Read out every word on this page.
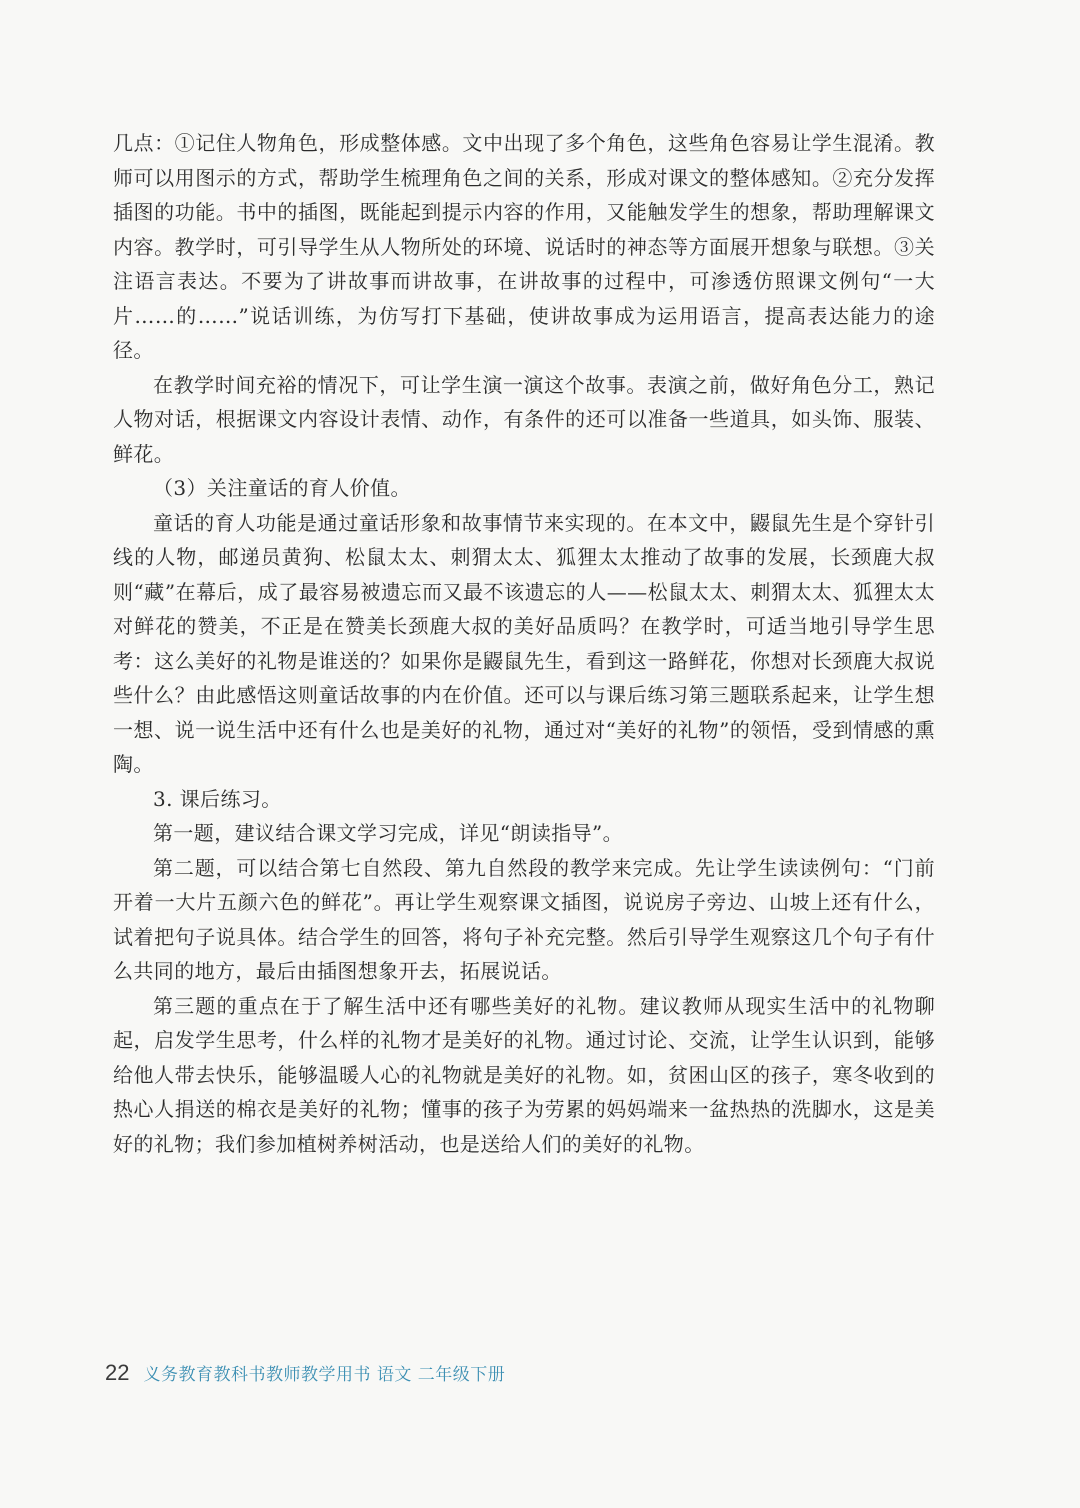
几点：①记住人物角色，形成整体感。文中出现了多个角色，这些角色容易让学生混淆。教师可以用图示的方式，帮助学生梳理角色之间的关系，形成对课文的整体感知。②充分发挥插图的功能。书中的插图，既能起到提示内容的作用，又能触发学生的想象，帮助理解课文内容。教学时，可引导学生从人物所处的环境、说话时的神态等方面展开想象与联想。③关注语言表达。不要为了讲故事而讲故事，在讲故事的过程中，可渗透仿照课文例句“一大片……的……”说话训练，为仿写打下基础，使讲故事成为运用语言，提高表达能力的途径。

在教学时间充裕的情况下，可让学生演一演这个故事。表演之前，做好角色分工，熟记人物对话，根据课文内容设计表情、动作，有条件的还可以准备一些道具，如头饰、服装、鲜花。

（3）关注童话的育人价值。

童话的育人功能是通过童话形象和故事情节来实现的。在本文中，鼹鼠先生是个穿针引线的人物，邮递员黄狗、松鼠太太、刺猬太太、狐狸太太推动了故事的发展，长颈鹿大叔则“藏”在幕后，成了最容易被遗忘而又最不该遗忘的人——松鼠太太、刺猬太太、狐狸太太对鲜花的赞美，不正是在赞美长颈鹿大叔的美好品质吗？在教学时，可适当地引导学生思考：这么美好的礼物是谁送的？如果你是鼹鼠先生，看到这一路鲜花，你想对长颈鹿大叔说些什么？由此感悟这则童话故事的内在价值。还可以与课后练习第三题联系起来，让学生想一想、说一说生活中还有什么也是美好的礼物，通过对“美好的礼物”的领悟，受到情感的熏陶。

3. 课后练习。

第一题，建议结合课文学习完成，详见“朗读指导”。

第二题，可以结合第七自然段、第九自然段的教学来完成。先让学生读读例句：“门前开着一大片五颜六色的鲜花”。再让学生观察课文插图，说说房子旁边、山坡上还有什么，试着把句子说具体。结合学生的回答，将句子补充完整。然后引导学生观察这几个句子有什么共同的地方，最后由插图想象开去，拓展说话。

第三题的重点在于了解生活中还有哪些美好的礼物。建议教师从现实生活中的礼物聊起，启发学生思考，什么样的礼物才是美好的礼物。通过讨论、交流，让学生认识到，能够给他人带去快乐，能够温暖人心的礼物就是美好的礼物。如，贫困山区的孩子，寒冬收到的热心人捐送的棉衣是美好的礼物；懂事的孩子为劳累的妈妈端来一盆热热的洗脚水，这是美好的礼物；我们参加植树养树活动，也是送给人们的美好的礼物。

22 义务教育教科书教师教学用书 语文 二年级下册
